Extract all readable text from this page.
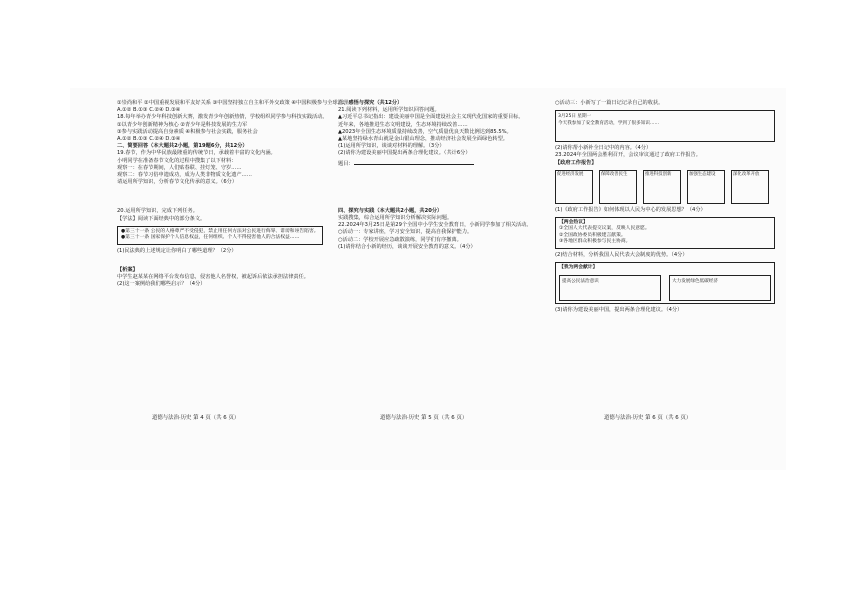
①崇尚和平 ②中国重视发展和平友好关系 ③中国坚持独立自主和平外交政策 ④中国积极参与全球治理

A.①② B.①③ C.②④ D.③④

18.每年举办青少年科技创新大赛，激发青少年创新热情，学校组织同学参与科技实践活动。

①以青少年创新精神为核心 ②青少年是科技发展的生力军

③参与实践活动提高自身素质 ④积极参与社会实践，服务社会

A.①② B.①③ C.②④ D.③④

二、简要回答（本大题共2小题，第19题6分，共12分）

19.春节，作为中华民族最隆重的传统节日，承载着丰富的文化内涵。

小明同学在准备春节文化的过程中搜集了以下材料：

观察一：在春节期间，人们贴春联、挂灯笼、守岁……

观察二：春节习俗申遗成功，成为人类非物质文化遗产……

请运用所学知识，分析春节文化传承的意义。（6分）

20.运用所学知识，完成下列任务。

【学法】阅读下面经典中的部分条文。

●第三十一条 公民的人格尊严不受侵犯，禁止用任何方法对公民进行侮辱、诽谤和诬告陷害。

●第三十一条 国家保护个人信息权益，任何组织、个人不得侵害他人的合法权益……

(1)民法典的上述规定让你明白了哪些道理？（2分）

【析案】

中学生赵某某在网络平台发布信息，侵害他人名誉权，被起诉后依法承担法律责任。

(2)这一案例给我们哪些启示？（4分）

三、感悟与探究（共12分）

21.阅读下列材料，运用所学知识回答问题。

▲习近平总书记指出：建设美丽中国是全面建设社会主义现代化国家的重要目标。

近年来，各地推进生态文明建设，生态环境持续改善……

▲2023年全国生态环境质量持续改善，空气质量优良天数比例达到85.5%。

▲某地坚持绿水青山就是金山银山理念，推动经济社会发展全面绿色转型。

(1)运用所学知识，谈谈对材料的理解。（3分）

(2)请你为建设美丽中国提出两条合理化建议。（共计6分）

题目：

四、探究与实践（本大题共2小题，共20分）

实践搜集，综合运用所学知识分析解决实际问题。

22.2024年3月25日是第29个全国中小学生安全教育日，小新同学参加了相关活动。

○活动一：专家讲座，学习安全知识，提高自我保护能力。

○活动二：学校开展应急疏散演练，同学们有序撤离。

(1)请你结合小新的经历，谈谈开展安全教育的意义。（4分）

○活动三：小新写了一篇日记记录自己的收获。

3月25日 星期一
今天我参加了安全教育活动，学到了很多知识……

(2)请你帮小新补全日记中的内容。（4分）

23.2024年全国两会胜利召开，会议审议通过了政府工作报告。

【政府工作报告】

促进经济发展	保障改善民生	推进科技创新	加强生态建设	深化改革开放

(1)《政府工作报告》如何体现以人民为中心的发展思想？（4分）

【两会热议】

①全国人大代表提交议案，反映人民意愿。

②全国政协委员积极建言献策。

③各地区群众积极参与民主协商。

(2)结合材料，分析我国人民代表大会制度的优势。（4分）

【我为两会献计】

提高公民法治意识	大力发展绿色低碳经济

(3)请你为建设美丽中国，提出两条合理化建议。（4分）

道德与法治·历史 第 4 页（共 6 页）	道德与法治·历史 第 5 页（共 6 页）	道德与法治·历史 第 6 页（共 6 页）
